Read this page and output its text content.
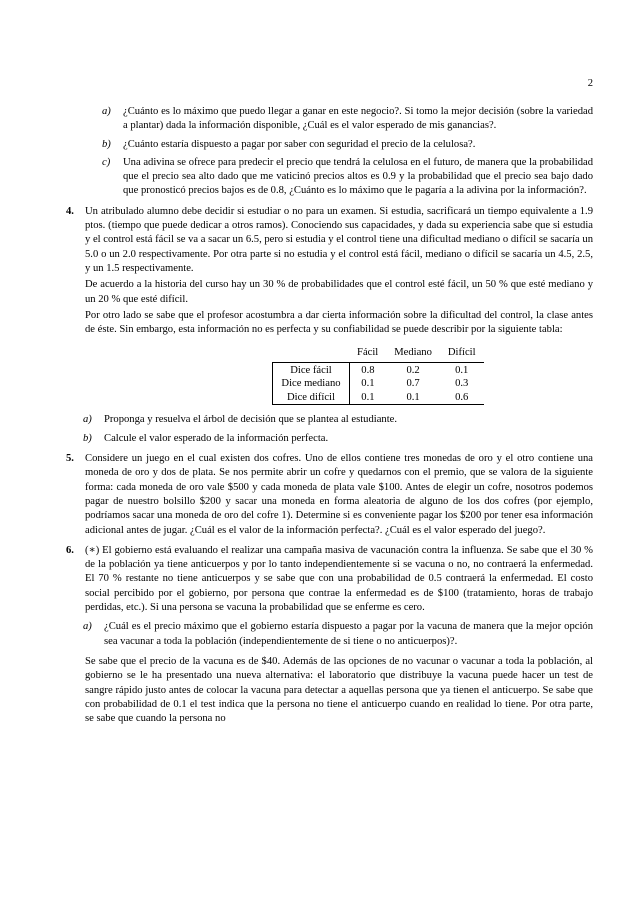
2
a) ¿Cuánto es lo máximo que puedo llegar a ganar en este negocio?. Si tomo la mejor decisión (sobre la variedad a plantar) dada la información disponible, ¿Cuál es el valor esperado de mis ganancias?.

b) ¿Cuánto estaría dispuesto a pagar por saber con seguridad el precio de la celulosa?.

c) Una adivina se ofrece para predecir el precio que tendrá la celulosa en el futuro, de manera que la probabilidad que el precio sea alto dado que me vaticinó precios altos es 0.9 y la probabilidad que el precio sea bajo dado que pronosticó precios bajos es de 0.8, ¿Cuánto es lo máximo que le pagaría a la adivina por la información?.

4. Un atribulado alumno debe decidir si estudiar o no para un examen. Si estudia, sacrificará un tiempo equivalente a 1.9 ptos. (tiempo que puede dedicar a otros ramos). Conociendo sus capacidades, y dada su experiencia sabe que si estudia y el control está fácil se va a sacar un 6.5, pero si estudia y el control tiene una dificultad mediano o difícil se sacaría un 5.0 o un 2.0 respectivamente. Por otra parte si no estudia y el control está fácil, mediano o difícil se sacaría un 4.5, 2.5, y un 1.5 respectivamente.

De acuerdo a la historia del curso hay un 30 % de probabilidades que el control esté fácil, un 50 % que esté mediano y un 20 % que esté difícil.

Por otro lado se sabe que el profesor acostumbra a dar cierta información sobre la dificultad del control, la clase antes de éste. Sin embargo, esta información no es perfecta y su confiabilidad se puede describir por la siguiente tabla:

	Fácil	Mediano	Difícil
Dice fácil	0.8	0.2	0.1
Dice mediano	0.1	0.7	0.3
Dice difícil	0.1	0.1	0.6
a) Proponga y resuelva el árbol de decisión que se plantea al estudiante.

b) Calcule el valor esperado de la información perfecta.

5. Considere un juego en el cual existen dos cofres. Uno de ellos contiene tres monedas de oro y el otro contiene una moneda de oro y dos de plata. Se nos permite abrir un cofre y quedarnos con el premio, que se valora de la siguiente forma: cada moneda de oro vale $500 y cada moneda de plata vale $100. Antes de elegir un cofre, nosotros podemos pagar de nuestro bolsillo $200 y sacar una moneda en forma aleatoria de alguno de los dos cofres (por ejemplo, podríamos sacar una moneda de oro del cofre 1). Determine si es conveniente pagar los $200 por tener esa información adicional antes de jugar. ¿Cuál es el valor de la información perfecta?. ¿Cuál es el valor esperado del juego?.

6. (∗) El gobierno está evaluando el realizar una campaña masiva de vacunación contra la influenza. Se sabe que el 30 % de la población ya tiene anticuerpos y por lo tanto independientemente si se vacuna o no, no contraerá la enfermedad. El 70 % restante no tiene anticuerpos y se sabe que con una probabilidad de 0.5 contraerá la enfermedad. El costo social percibido por el gobierno, por persona que contrae la enfermedad es de $100 (tratamiento, horas de trabajo perdidas, etc.). Si una persona se vacuna la probabilidad que se enferme es cero.

a) ¿Cuál es el precio máximo que el gobierno estaría dispuesto a pagar por la vacuna de manera que la mejor opción sea vacunar a toda la población (independientemente de si tiene o no anticuerpos)?.

Se sabe que el precio de la vacuna es de $40. Además de las opciones de no vacunar o vacunar a toda la población, al gobierno se le ha presentado una nueva alternativa: el laboratorio que distribuye la vacuna puede hacer un test de sangre rápido justo antes de colocar la vacuna para detectar a aquellas persona que ya tienen el anticuerpo. Se sabe que con probabilidad de 0.1 el test indica que la persona no tiene el anticuerpo cuando en realidad lo tiene. Por otra parte, se sabe que cuando la persona no
